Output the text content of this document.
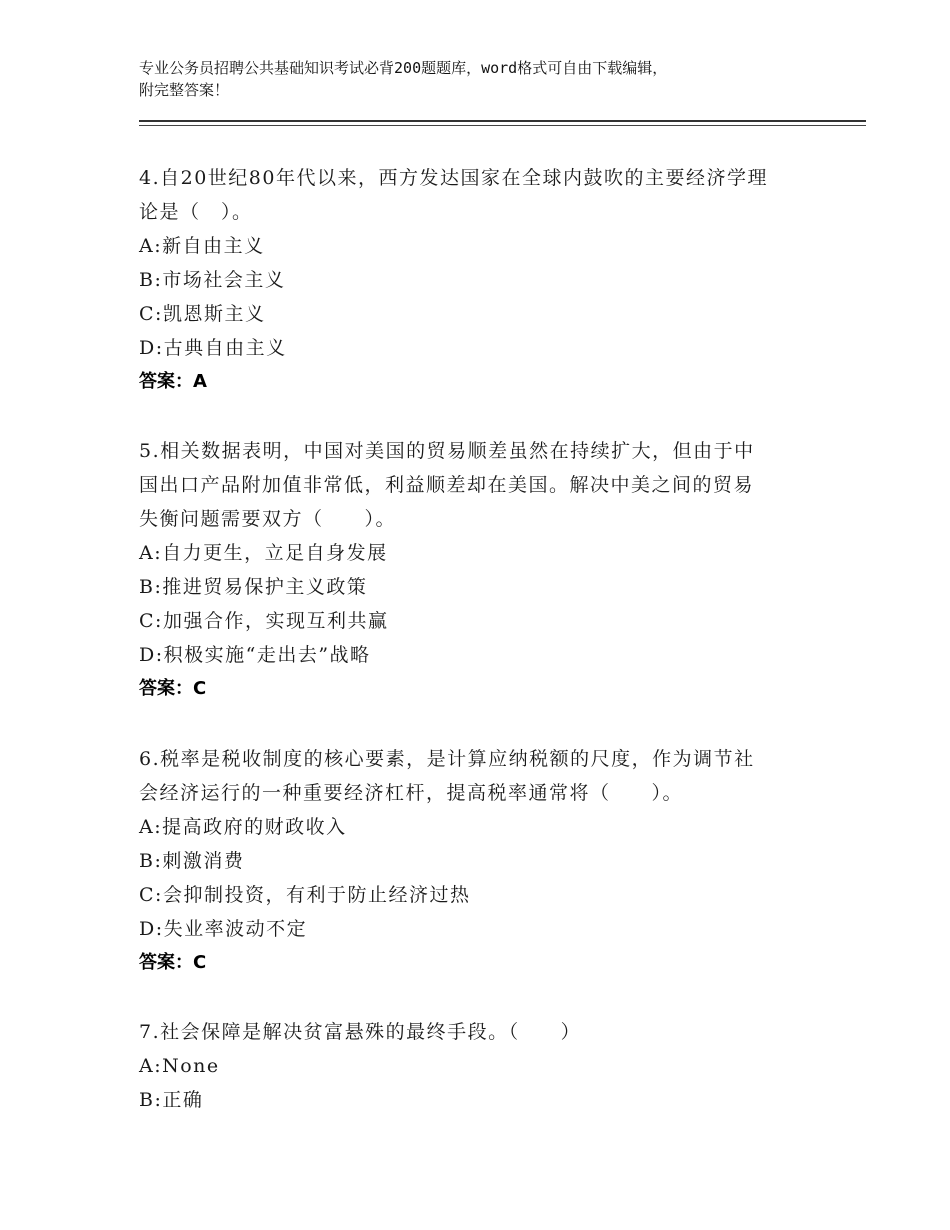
专业公务员招聘公共基础知识考试必背200题题库，word格式可自由下载编辑，
附完整答案！
4.自20世纪80年代以来，西方发达国家在全球内鼓吹的主要经济学理
论是（　）。
A:新自由主义
B:市场社会主义
C:凯恩斯主义
D:古典自由主义
答案：A
5.相关数据表明，中国对美国的贸易顺差虽然在持续扩大，但由于中
国出口产品附加值非常低，利益顺差却在美国。解决中美之间的贸易
失衡问题需要双方（　　）。
A:自力更生，立足自身发展
B:推进贸易保护主义政策
C:加强合作，实现互利共赢
D:积极实施“走出去”战略
答案：C
6.税率是税收制度的核心要素，是计算应纳税额的尺度，作为调节社
会经济运行的一种重要经济杠杆，提高税率通常将（　　）。
A:提高政府的财政收入
B:刺激消费
C:会抑制投资，有利于防止经济过热
D:失业率波动不定
答案：C
7.社会保障是解决贫富悬殊的最终手段。（　　）
A:None
B:正确
